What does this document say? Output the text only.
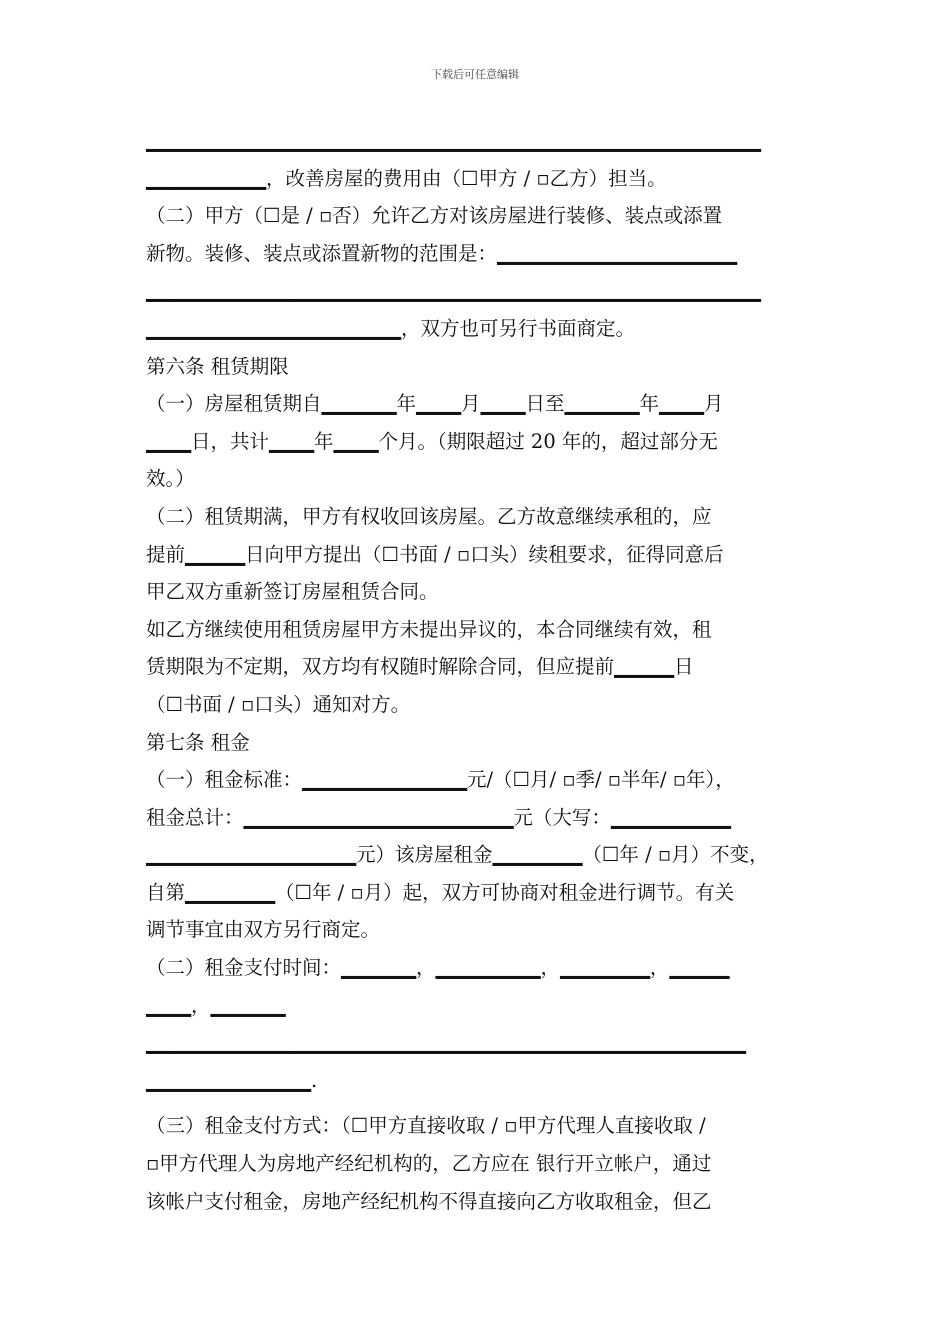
下载后可任意编辑
▁▁▁▁▁▁▁▁▁▁▁▁▁▁▁▁▁▁▁▁▁▁▁▁▁▁▁▁▁▁▁▁▁▁▁▁▁▁▁▁▁
▁▁▁▁▁▁▁▁，改善房屋的费用由（☐甲方 / ▫乙方）担当。
（二）甲方（☐是 / ▫否）允许乙方对该房屋进行装修、装点或添置
新物。装修、装点或添置新物的范围是：▁▁▁▁▁▁▁▁▁▁▁▁▁▁▁▁
▁▁▁▁▁▁▁▁▁▁▁▁▁▁▁▁▁▁▁▁▁▁▁▁▁▁▁▁▁▁▁▁▁▁▁▁▁▁▁▁▁
▁▁▁▁▁▁▁▁▁▁▁▁▁▁▁▁▁，双方也可另行书面商定。
第六条 租赁期限
（一）房屋租赁期自▁▁▁▁▁年▁▁▁月▁▁▁日至▁▁▁▁▁年▁▁▁月
▁▁▁日，共计▁▁▁年▁▁▁个月。（期限超过 20 年的，超过部分无
效。）
（二）租赁期满，甲方有权收回该房屋。乙方故意继续承租的，应
提前▁▁▁▁日向甲方提出（☐书面 / ▫口头）续租要求，征得同意后
甲乙双方重新签订房屋租赁合同。
如乙方继续使用租赁房屋甲方未提出异议的，本合同继续有效，租
赁期限为不定期，双方均有权随时解除合同，但应提前▁▁▁▁日
（☐书面 / ▫口头）通知对方。
第七条 租金
（一）租金标准：▁▁▁▁▁▁▁▁▁▁▁元/（☐月/ ▫季/ ▫半年/ ▫年），
租金总计：▁▁▁▁▁▁▁▁▁▁▁▁▁▁▁▁▁▁元（大写：▁▁▁▁▁▁▁▁
▁▁▁▁▁▁▁▁▁▁▁▁▁▁元）该房屋租金▁▁▁▁▁▁（☐年 / ▫月）不变，
自第▁▁▁▁▁▁（☐年 / ▫月）起，双方可协商对租金进行调节。有关
调节事宜由双方另行商定。
（二）租金支付时间：▁▁▁▁▁，▁▁▁▁▁▁▁，▁▁▁▁▁▁，▁▁▁▁
▁▁▁，▁▁▁▁▁
▁▁▁▁▁▁▁▁▁▁▁▁▁▁▁▁▁▁▁▁▁▁▁▁▁▁▁▁▁▁▁▁▁▁▁▁▁▁▁▁
▁▁▁▁▁▁▁▁▁▁▁.
（三）租金支付方式：（☐甲方直接收取 / ▫甲方代理人直接收取 /
▫甲方代理人为房地产经纪机构的，乙方应在 银行开立帐户，通过
该帐户支付租金，房地产经纪机构不得直接向乙方收取租金，但乙
